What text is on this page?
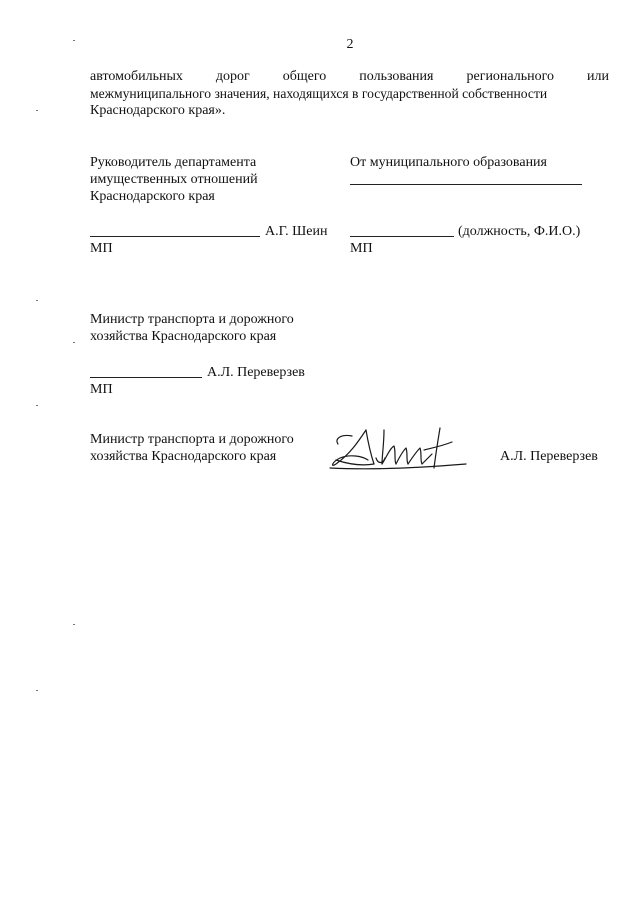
2
автомобильных дорог общего пользования регионального или
межмуниципального значения, находящихся в государственной собственности
Краснодарского края».
Руководитель департамента
имущественных отношений
Краснодарского края
А.Г. Шеин
МП
От муниципального образования
(должность, Ф.И.О.)
МП
Министр транспорта и дорожного
хозяйства Краснодарского края
А.Л. Переверзев
МП
Министр транспорта и дорожного
хозяйства Краснодарского края	А.Л. Переверзев
